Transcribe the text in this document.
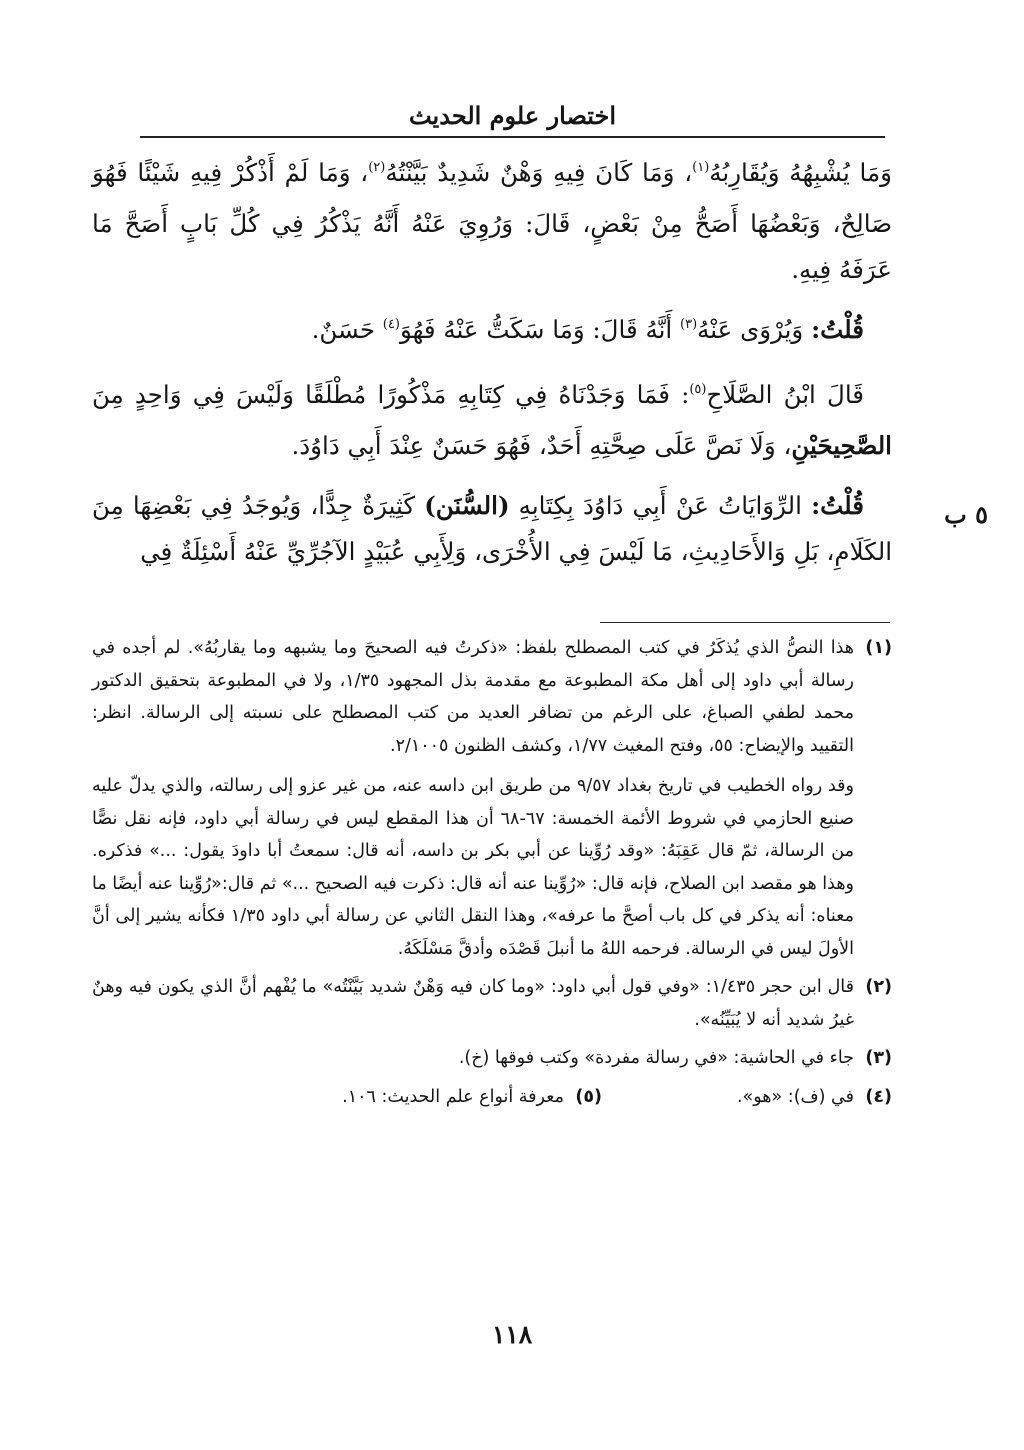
اختصار علوم الحديث

وَمَا يُشْبِهُهُ وَيُقَارِبُهُ$^{(١)}$، وَمَا كَانَ فِيهِ وَهْنٌ شَدِيدٌ بَيَّنْتُهُ$^{(٢)}$، وَمَا لَمْ أَذْكُرْ فِيهِ شَيْئًا فَهُوَ صَالِحٌ، وَبَعْضُهَا أَصَحُّ مِنْ بَعْضٍ، قَالَ: وَرُوِيَ عَنْهُ أَنَّهُ يَذْكُرُ فِي كُلِّ بَابٍ أَصَحَّ مَا عَرَفَهُ فِيهِ.

قُلْتُ: وَيُرْوَى عَنْهُ$^{(٣)}$ أَنَّهُ قَالَ: وَمَا سَكَتُّ عَنْهُ فَهُوَ$^{(٤)}$ حَسَنٌ.

قَالَ ابْنُ الصَّلَاحِ$^{(٥)}$: فَمَا وَجَدْنَاهُ فِي كِتَابِهِ مَذْكُورًا مُطْلَقًا وَلَيْسَ فِي وَاحِدٍ مِنَ الصَّحِيحَيْنِ، وَلَا نَصَّ عَلَى صِحَّتِهِ أَحَدٌ، فَهُوَ حَسَنٌ عِنْدَ أَبِي دَاوُدَ.

قُلْتُ: الرِّوَايَاتُ عَنْ أَبِي دَاوُدَ بِكِتَابِهِ (السُّنَن) كَثِيرَةٌ جِدًّا، وَيُوجَدُ فِي بَعْضِهَا مِنَ الكَلَامِ، بَلِ وَالأَحَادِيثِ، مَا لَيْسَ فِي الأُخْرَى، وَلِأَبِي عُبَيْدٍ الآجُرِّيِّ عَنْهُ أَسْئِلَةٌ فِي

٥ ب
(١)

هذا النصُّ الذي يُذكَرُ في كتب المصطلح بلفظ: «ذكرتُ فيه الصحيحَ وما يشبهه وما يقاربُهُ». لم أجده في رسالة أبي داود إلى أهل مكة المطبوعة مع مقدمة بذل المجهود ١/٣٥، ولا في المطبوعة بتحقيق الدكتور محمد لطفي الصباغ، على الرغم من تضافر العديد من كتب المصطلح على نسبته إلى الرسالة. انظر: التقييد والإيضاح: ٥٥، وفتح المغيث ١/٧٧، وكشف الظنون ٢/١٠٠٥.

وقد رواه الخطيب في تاريخ بغداد ٩/٥٧ من طريق ابن داسه عنه، من غير عزو إلى رسالته، والذي يدلّ عليه صنيع الحازمي في شروط الأئمة الخمسة: ٦٧-٦٨ أن هذا المقطع ليس في رسالة أبي داود، فإنه نقل نصًّا من الرسالة، ثمّ قال عَقِبَهُ: «وقد رُوِّينا عن أبي بكر بن داسه، أنه قال: سمعتُ أبا داودَ يقول: ...» فذكره. وهذا هو مقصد ابن الصلاح، فإنه قال: «رُوِّينا عنه أنه قال: ذكرت فيه الصحيح ...» ثم قال:«رُوِّينا عنه أيضًا ما معناه: أنه يذكر في كل باب أصحَّ ما عرفه»، وهذا النقل الثاني عن رسالة أبي داود ١/٣٥ فكأنه يشير إلى أنَّ الأولَ ليس في الرسالة. فرحمه اللهُ ما أنبلَ قَصْدَه وأدقَّ مَسْلَكَهُ.

(٢)
قال ابن حجر ١/٤٣٥: «وفي قول أبي داود: «وما كان فيه وَهْنٌ شديد بَيَّنْتُه» ما يُفْهم أنَّ الذي يكون فيه وهنٌ غيرُ شديد أنه لا يُبَيِّنُه».
(٣)
جاء في الحاشية: «في رسالة مفردة» وكتب فوقها (خ).
(٤)
في (ف): «هو».
(٥)
معرفة أنواع علم الحديث: ١٠٦.
١١٨
